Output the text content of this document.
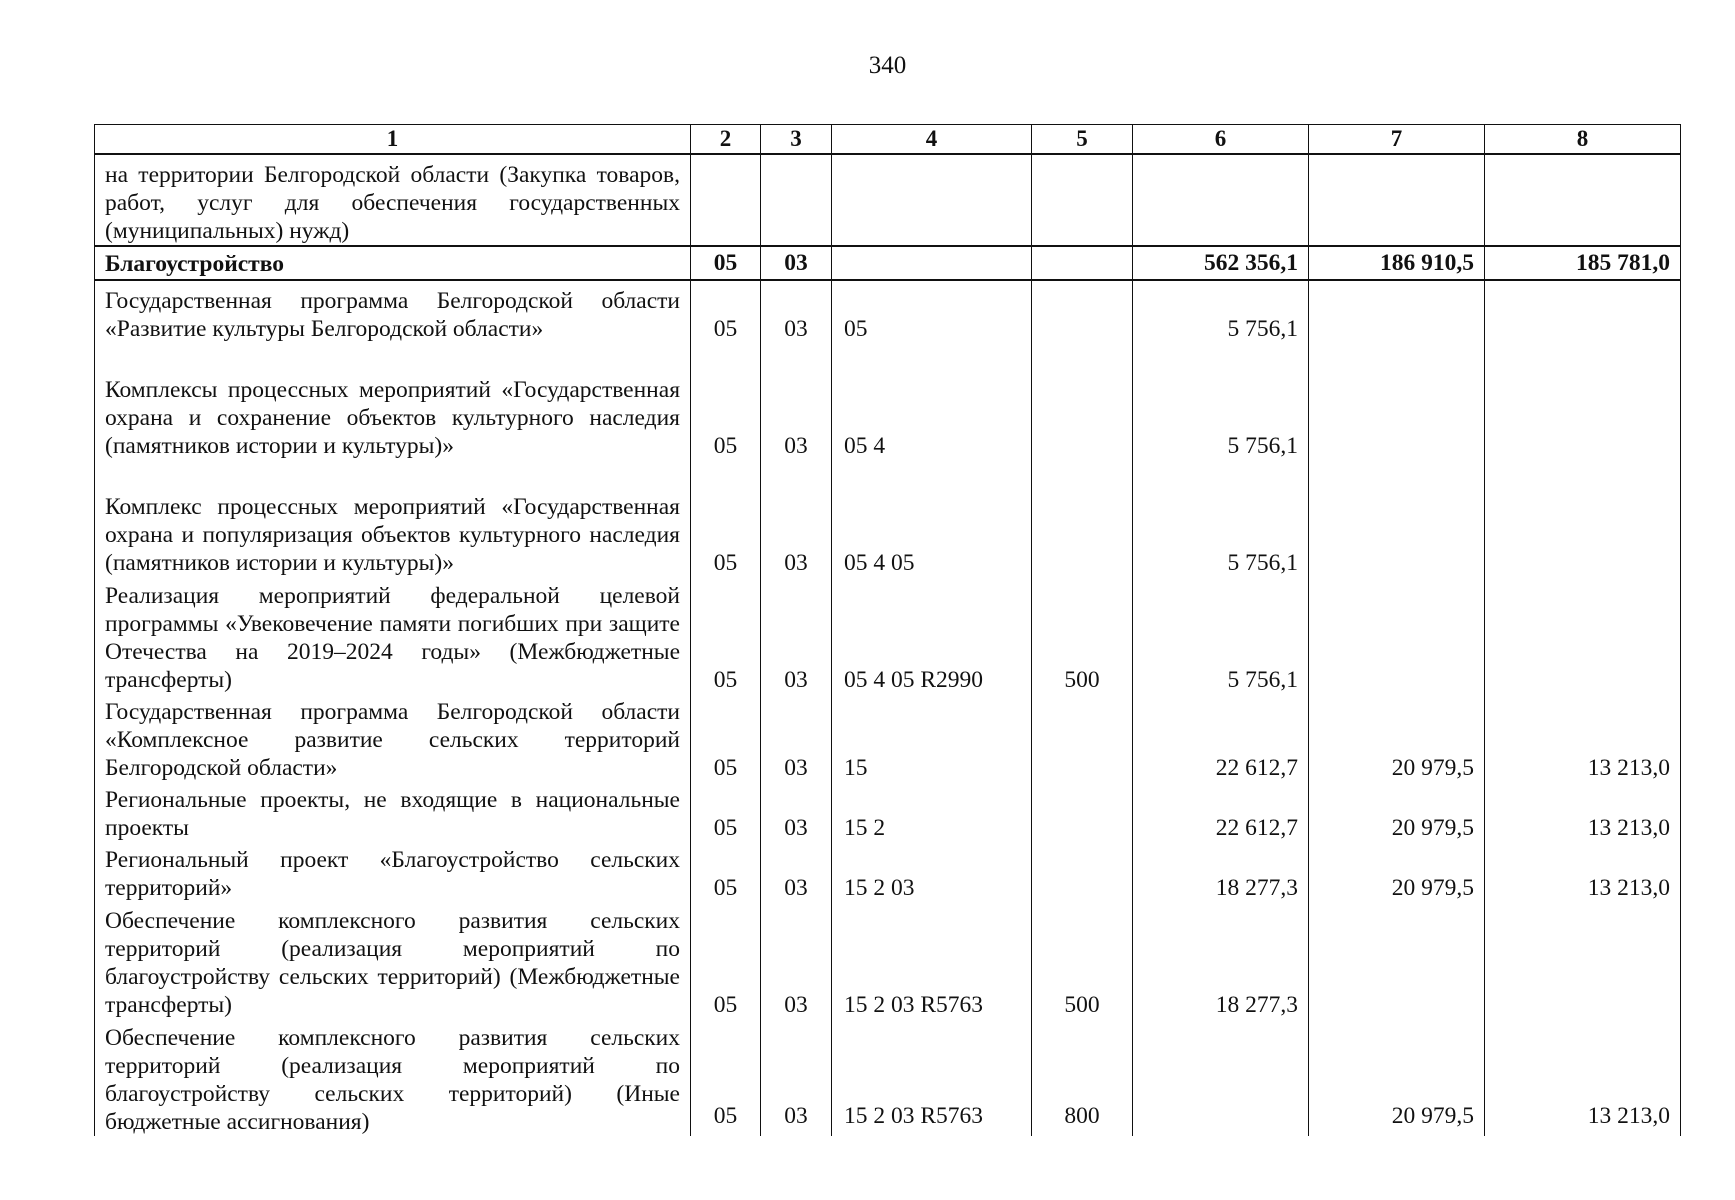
340
1	2	3	4	5	6	7	8
на территории Белгородской области (Закупка товаров, работ, услуг для обеспечения государственных (муниципальных) нужд)							
Благоустройство	05	03			562 356,1	186 910,5	185 781,0
Государственная программа Белгородской области «Развитие культуры Белгородской области»	05	03	05		5 756,1		
Комплексы процессных мероприятий «Государственная охрана и сохранение объектов культурного наследия (памятников истории и культуры)»	05	03	05 4		5 756,1		
Комплекс процессных мероприятий «Государственная охрана и популяризация объектов культурного наследия (памятников истории и культуры)»	05	03	05 4 05		5 756,1		
Реализация мероприятий федеральной целевой программы «Увековечение памяти погибших при защите Отечества на 2019–2024 годы» (Межбюджетные трансферты)	05	03	05 4 05 R2990	500	5 756,1		
Государственная программа Белгородской области «Комплексное развитие сельских территорий Белгородской области»	05	03	15		22 612,7	20 979,5	13 213,0
Региональные проекты, не входящие в национальные проекты	05	03	15 2		22 612,7	20 979,5	13 213,0
Региональный проект «Благоустройство сельских территорий»	05	03	15 2 03		18 277,3	20 979,5	13 213,0
Обеспечение комплексного развития сельских территорий (реализация мероприятий по благоустройству сельских территорий) (Межбюджетные трансферты)	05	03	15 2 03 R5763	500	18 277,3		
Обеспечение комплексного развития сельских территорий (реализация мероприятий по благоустройству сельских территорий) (Иные бюджетные ассигнования)	05	03	15 2 03 R5763	800		20 979,5	13 213,0
